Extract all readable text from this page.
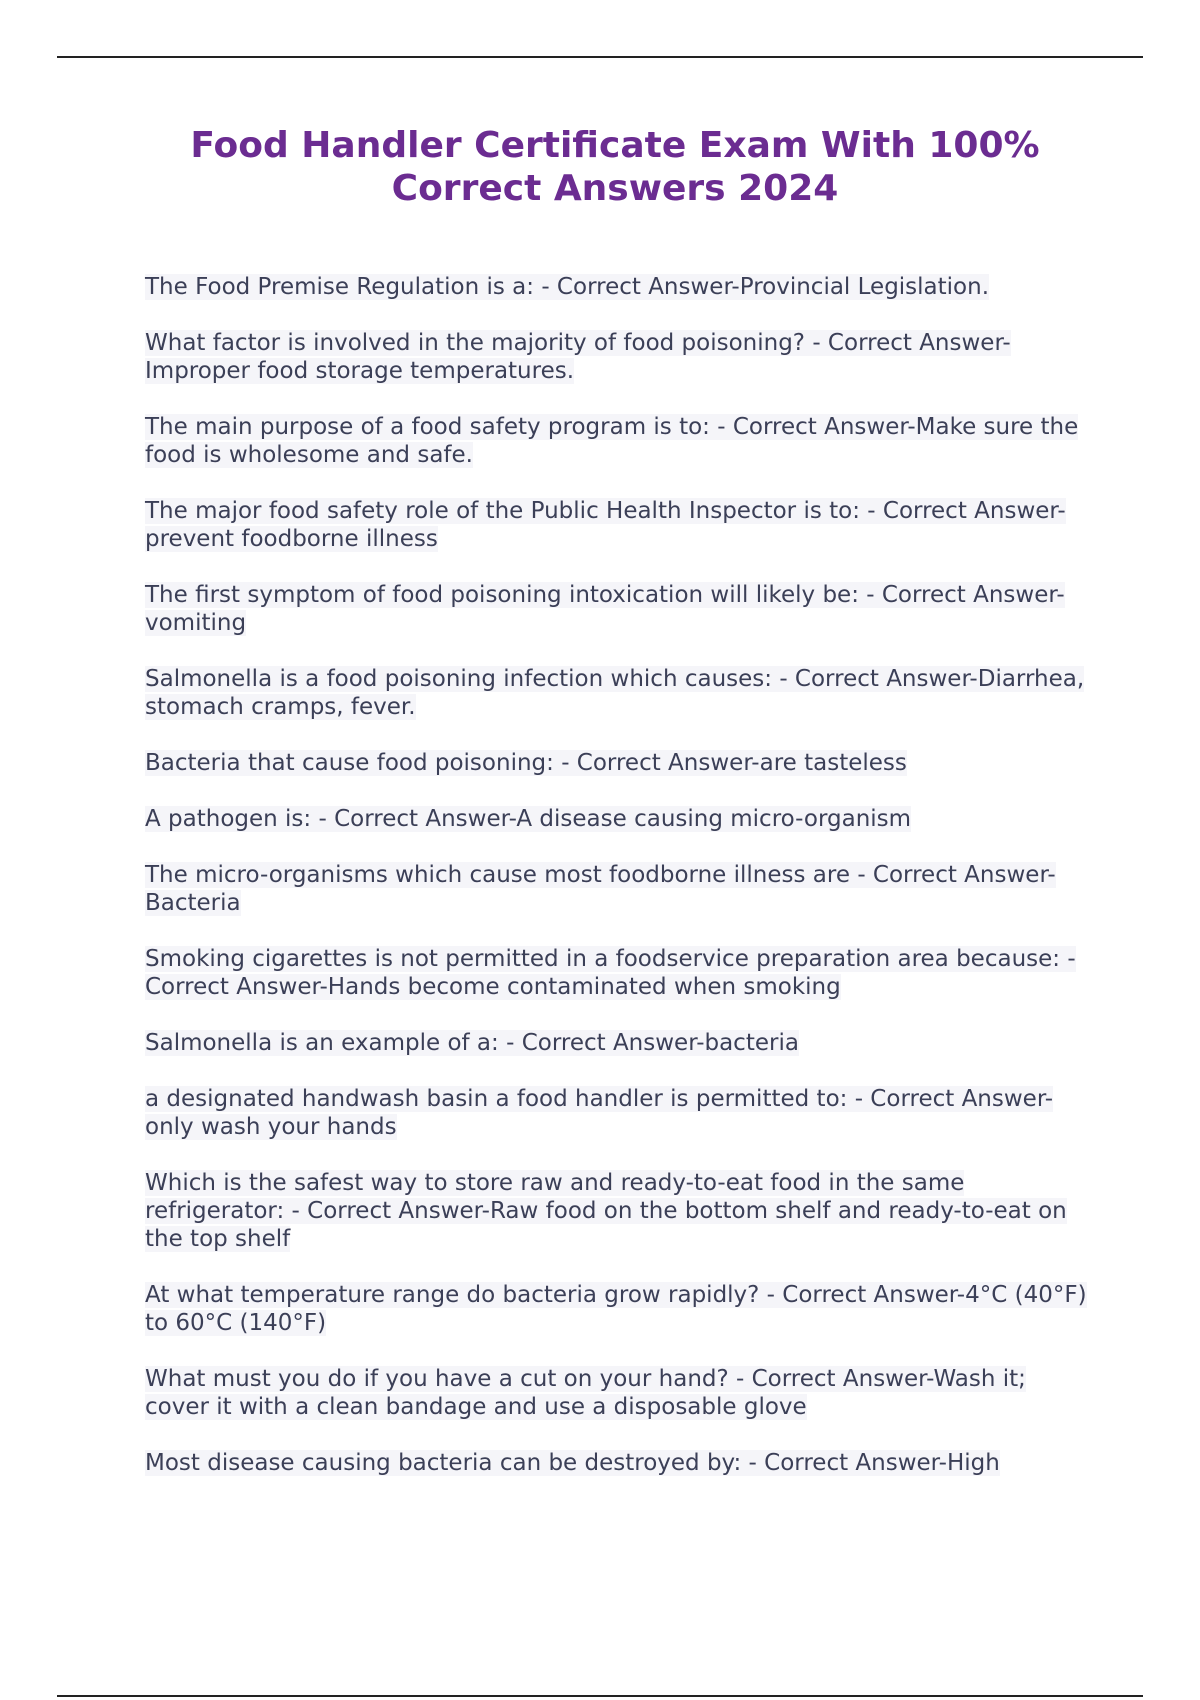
Food Handler Certificate Exam With 100% Correct Answers 2024

The Food Premise Regulation is a: - Correct Answer-Provincial Legislation.

What factor is involved in the majority of food poisoning? - Correct Answer-Improper food storage temperatures.

The main purpose of a food safety program is to: - Correct Answer-Make sure the food is wholesome and safe.

The major food safety role of the Public Health Inspector is to: - Correct Answer-prevent foodborne illness

The first symptom of food poisoning intoxication will likely be: - Correct Answer-vomiting

Salmonella is a food poisoning infection which causes: - Correct Answer-Diarrhea, stomach cramps, fever.

Bacteria that cause food poisoning: - Correct Answer-are tasteless

A pathogen is: - Correct Answer-A disease causing micro-organism

The micro-organisms which cause most foodborne illness are - Correct Answer-Bacteria

Smoking cigarettes is not permitted in a foodservice preparation area because: - Correct Answer-Hands become contaminated when smoking

Salmonella is an example of a: - Correct Answer-bacteria

a designated handwash basin a food handler is permitted to: - Correct Answer-only wash your hands

Which is the safest way to store raw and ready-to-eat food in the same refrigerator: - Correct Answer-Raw food on the bottom shelf and ready-to-eat on the top shelf

At what temperature range do bacteria grow rapidly? - Correct Answer-4°C (40°F) to 60°C (140°F)

What must you do if you have a cut on your hand? - Correct Answer-Wash it; cover it with a clean bandage and use a disposable glove

Most disease causing bacteria can be destroyed by: - Correct Answer-High
